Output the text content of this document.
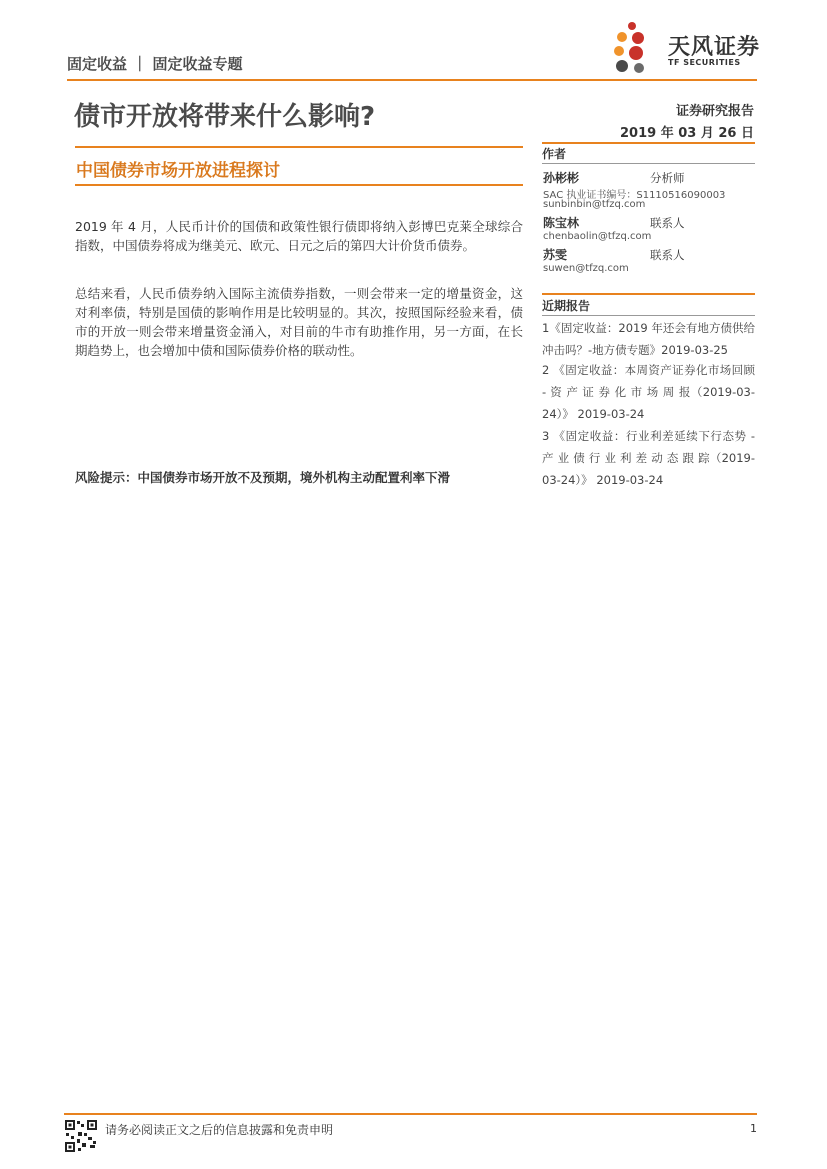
固定收益 ｜ 固定收益专题
天风证券
TF SECURITIES
债市开放将带来什么影响?	证券研究报告
2019 年 03 月 26 日
中国债券市场开放进程探讨
2019 年 4 月，人民币计价的国债和政策性银行债即将纳入彭博巴克莱全球综合指数，中国债券将成为继美元、欧元、日元之后的第四大计价货币债券。
总结来看，人民币债券纳入国际主流债券指数，一则会带来一定的增量资金，这对利率债，特别是国债的影响作用是比较明显的。其次，按照国际经验来看，债市的开放一则会带来增量资金涌入，对目前的牛市有助推作用，另一方面，在长期趋势上，也会增加中债和国际债券价格的联动性。
风险提示：中国债券市场开放不及预期，境外机构主动配置利率下滑
作者
孙彬彬	分析师
SAC 执业证书编号：S1110516090003
sunbinbin@tfzq.com
陈宝林	联系人
chenbaolin@tfzq.com
苏雯	联系人
suwen@tfzq.com
近期报告
1《固定收益：2019 年还会有地方债供给冲击吗？-地方债专题》2019-03-25
2 《固定收益：本周资产证券化市场回顾 - 资 产 证 券 化 市 场 周 报（2019-03-24）》 2019-03-24
3 《固定收益：行业利差延续下行态势 - 产 业 债 行 业 利 差 动 态 跟 踪（2019-03-24）》 2019-03-24
请务必阅读正文之后的信息披露和免责申明	1
